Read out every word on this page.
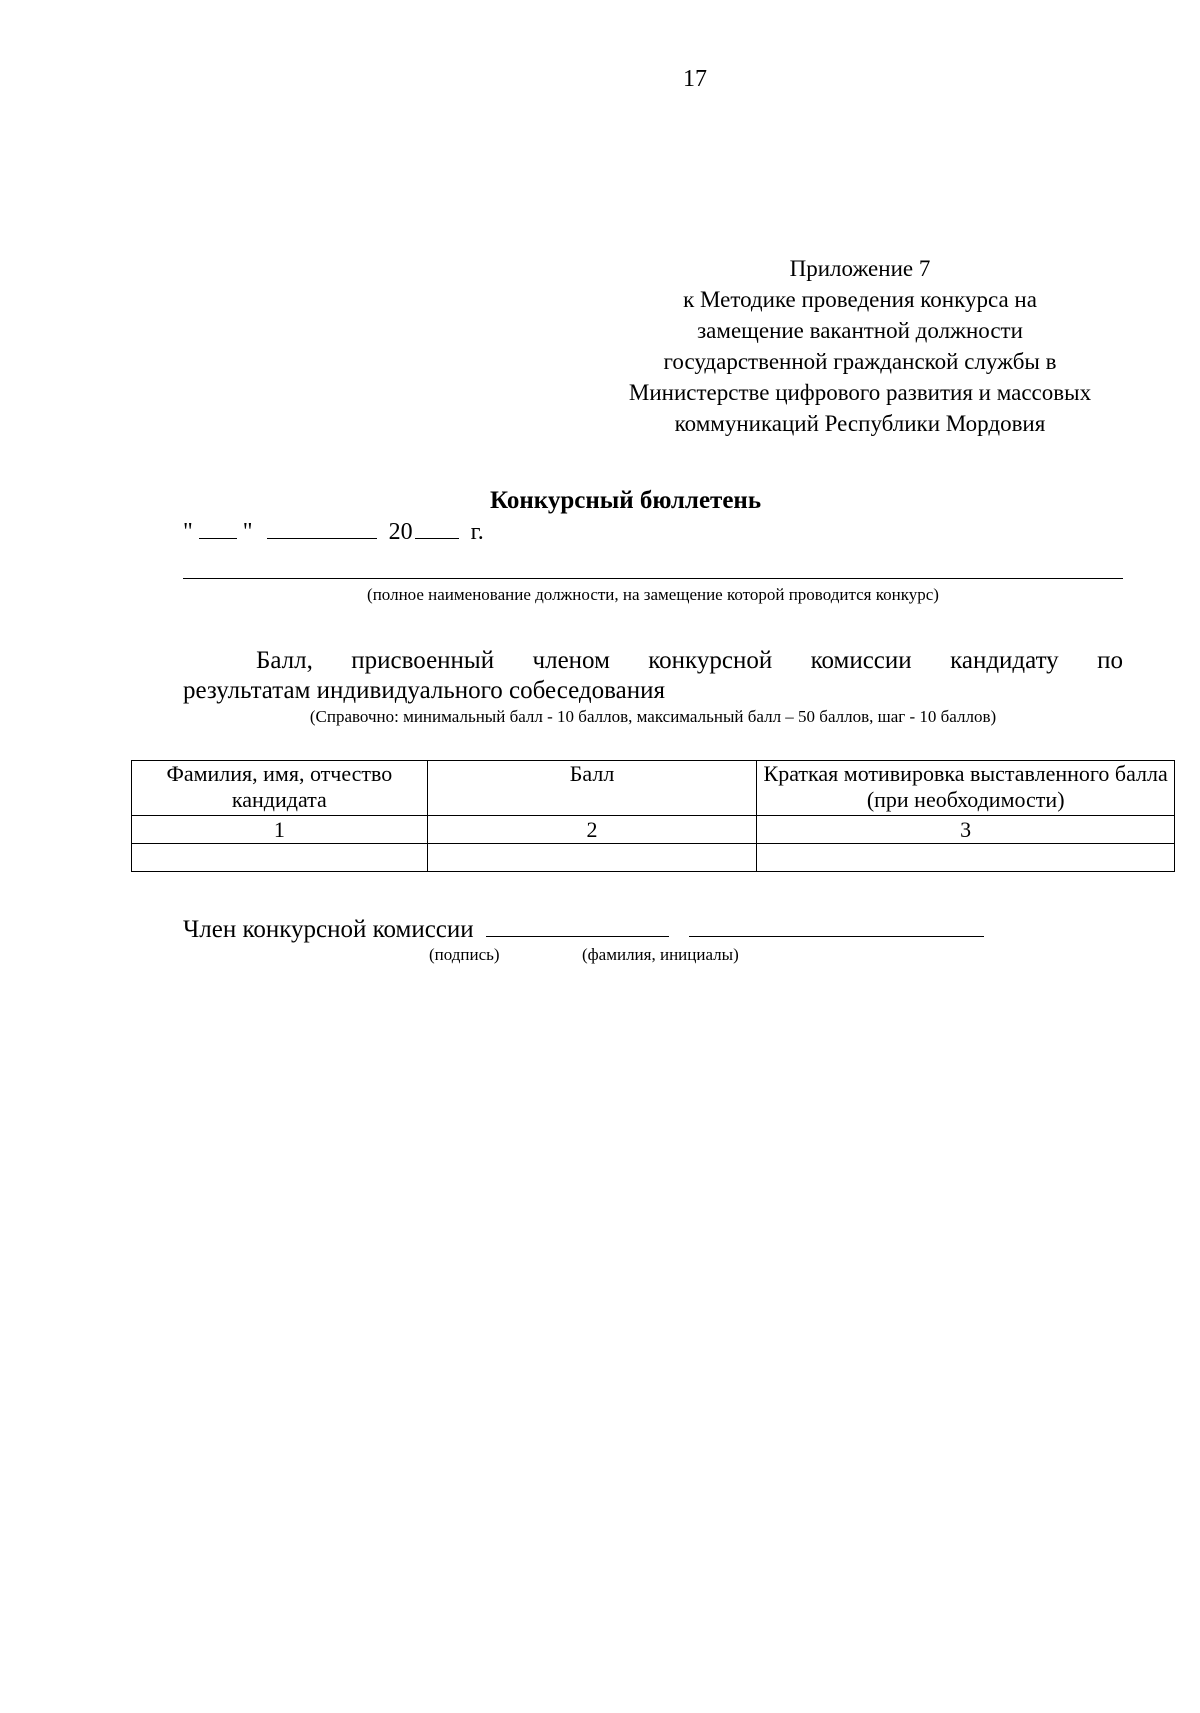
17
Приложение 7
к Методике проведения конкурса на
замещение вакантной должности
государственной гражданской службы в
Министерстве цифрового развития и массовых
коммуникаций Республики Мордовия
Конкурсный бюллетень
" "	20 г.
(полное наименование должности, на замещение которой проводится конкурс)
Балл, присвоенный членом конкурсной комиссии кандидату по
результатам индивидуального собеседования
(Справочно: минимальный балл - 10 баллов, максимальный балл – 50 баллов, шаг - 10 баллов)
Фамилия, имя, отчество кандидата	Балл	Краткая мотивировка выставленного балла (при необходимости)
1	2	3

Член конкурсной комиссии
(подпись)	(фамилия, инициалы)
